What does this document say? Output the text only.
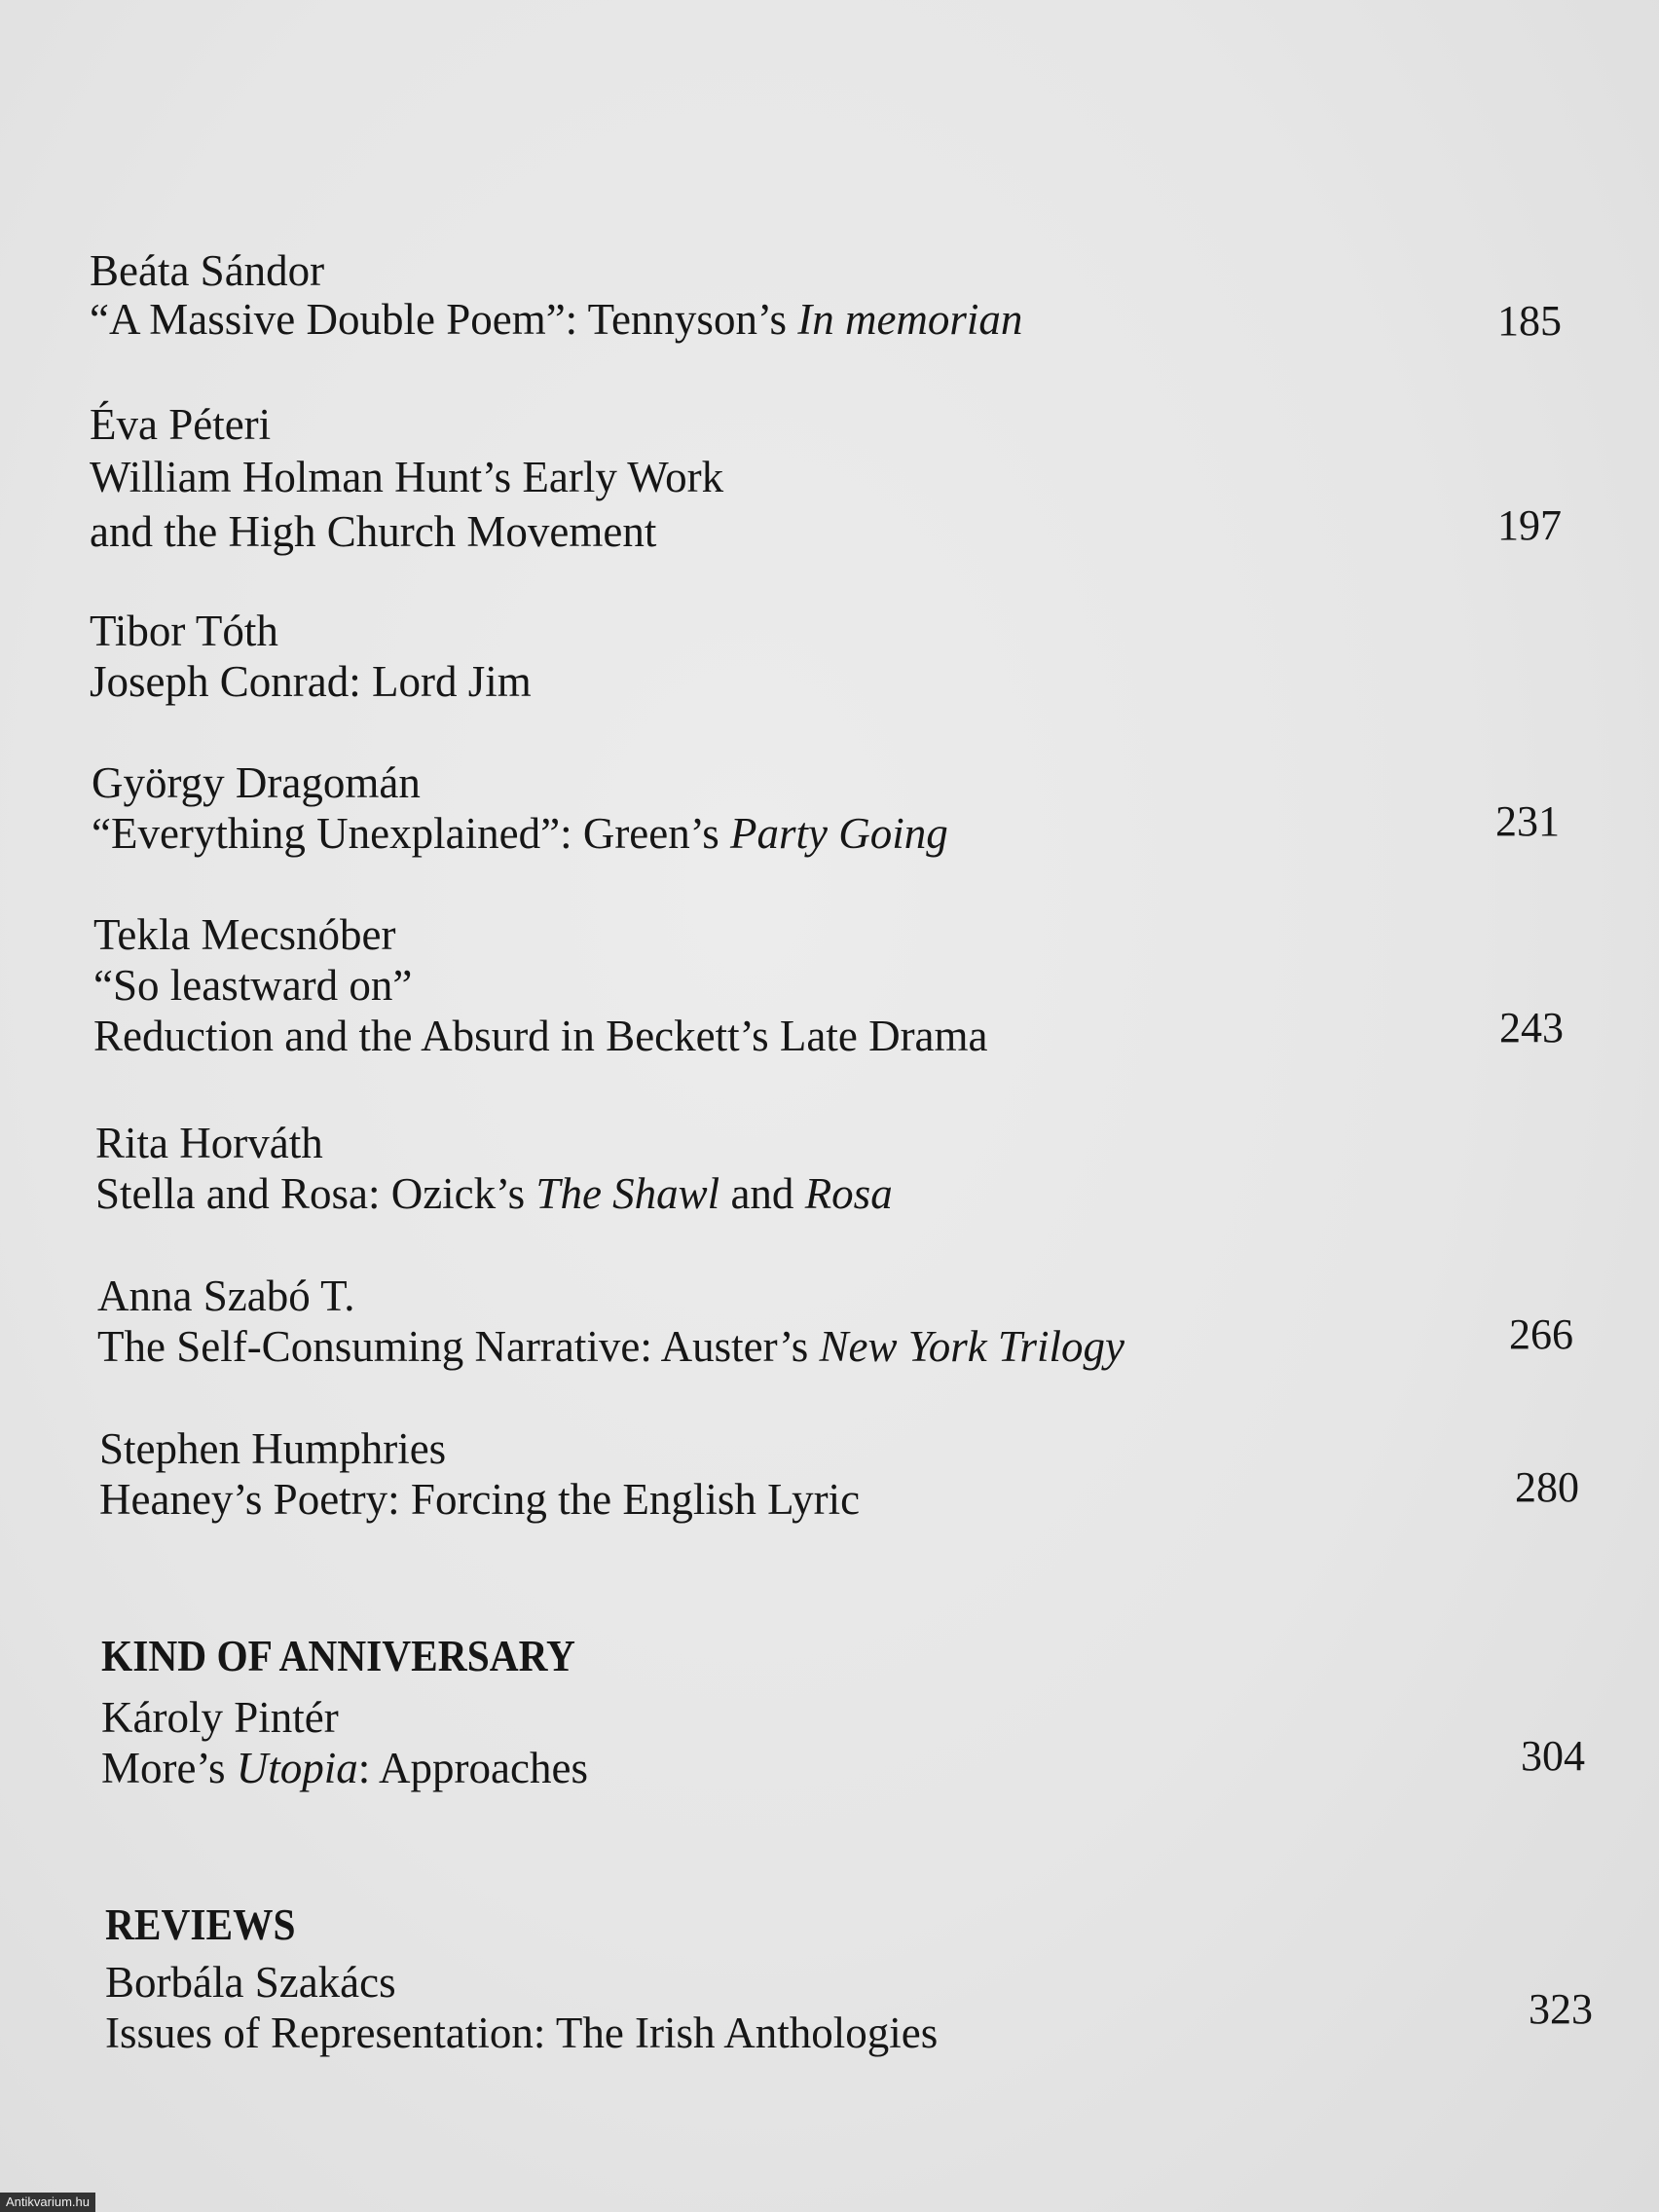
Beáta Sándor
“A Massive Double Poem”: Tennyson’s In memorian	185
Éva Péteri
William Holman Hunt’s Early Work
and the High Church Movement	197
Tibor Tóth
Joseph Conrad: Lord Jim
György Dragomán
“Everything Unexplained”: Green’s Party Going	231
Tekla Mecsnóber
“So leastward on”
Reduction and the Absurd in Beckett’s Late Drama	243
Rita Horváth
Stella and Rosa: Ozick’s The Shawl and Rosa
Anna Szabó T.
The Self-Consuming Narrative: Auster’s New York Trilogy	266
Stephen Humphries
Heaney’s Poetry: Forcing the English Lyric	280
KIND OF ANNIVERSARY
Károly Pintér
More’s Utopia: Approaches	304
REVIEWS
Borbála Szakács
Issues of Representation: The Irish Anthologies	323
Antikvarium.hu
